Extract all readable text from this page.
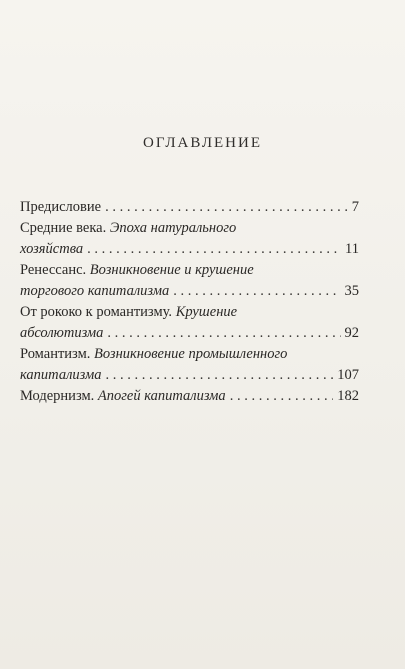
оглавление
Предисловие . . .	7
Средние века. Эпоха натурального
хозяйства . . .	11
Ренессанс. Возникновение и крушение
торгового капитализма . . .	35
От рококо к романтизму. Крушение
абсолютизма . . .	92
Романтизм. Возникновение промышленного
капитализма . . .	107
Модернизм. Апогей капитализма . . .	182
